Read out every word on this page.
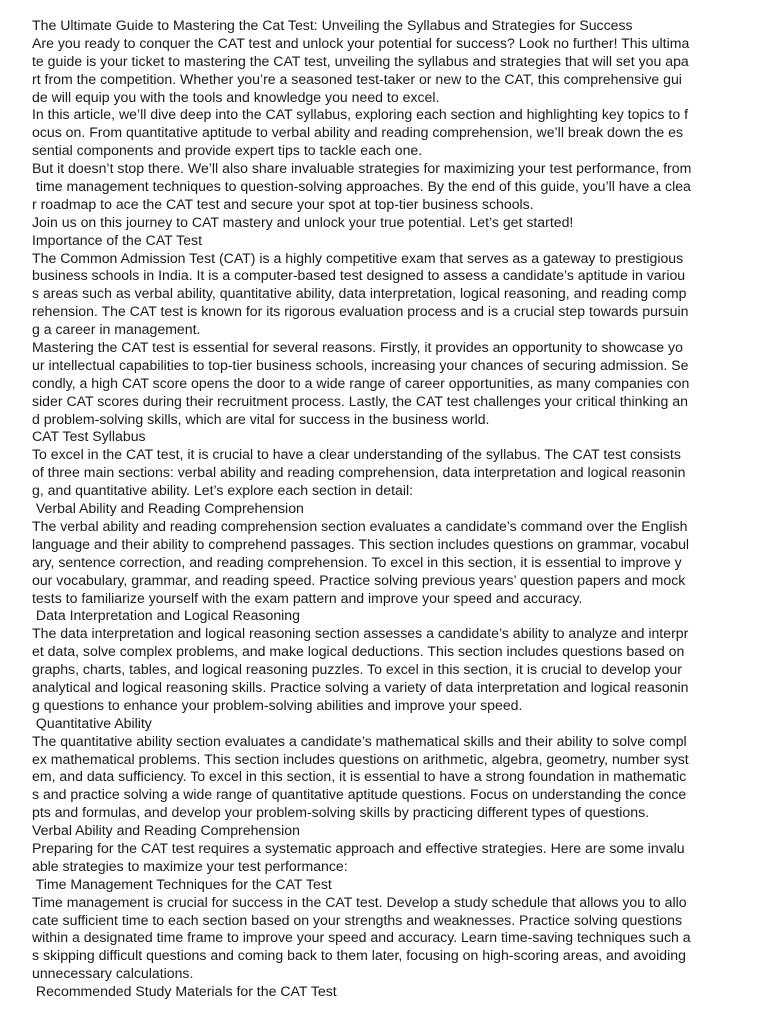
The Ultimate Guide to Mastering the Cat Test: Unveiling the Syllabus and Strategies for Success
Are you ready to conquer the CAT test and unlock your potential for success? Look no further! This ultima
te guide is your ticket to mastering the CAT test, unveiling the syllabus and strategies that will set you apa
rt from the competition. Whether you’re a seasoned test-taker or new to the CAT, this comprehensive gui
de will equip you with the tools and knowledge you need to excel.
In this article, we’ll dive deep into the CAT syllabus, exploring each section and highlighting key topics to f
ocus on. From quantitative aptitude to verbal ability and reading comprehension, we’ll break down the es
sential components and provide expert tips to tackle each one.
But it doesn’t stop there. We’ll also share invaluable strategies for maximizing your test performance, from
time management techniques to question-solving approaches. By the end of this guide, you’ll have a clea
r roadmap to ace the CAT test and secure your spot at top-tier business schools.
Join us on this journey to CAT mastery and unlock your true potential. Let’s get started!
Importance of the CAT Test
The Common Admission Test (CAT) is a highly competitive exam that serves as a gateway to prestigious
business schools in India. It is a computer-based test designed to assess a candidate’s aptitude in variou
s areas such as verbal ability, quantitative ability, data interpretation, logical reasoning, and reading comp
rehension. The CAT test is known for its rigorous evaluation process and is a crucial step towards pursuin
g a career in management.
Mastering the CAT test is essential for several reasons. Firstly, it provides an opportunity to showcase yo
ur intellectual capabilities to top-tier business schools, increasing your chances of securing admission. Se
condly, a high CAT score opens the door to a wide range of career opportunities, as many companies con
sider CAT scores during their recruitment process. Lastly, the CAT test challenges your critical thinking an
d problem-solving skills, which are vital for success in the business world.
CAT Test Syllabus
To excel in the CAT test, it is crucial to have a clear understanding of the syllabus. The CAT test consists
of three main sections: verbal ability and reading comprehension, data interpretation and logical reasonin
g, and quantitative ability. Let’s explore each section in detail:
Verbal Ability and Reading Comprehension
The verbal ability and reading comprehension section evaluates a candidate’s command over the English
language and their ability to comprehend passages. This section includes questions on grammar, vocabul
ary, sentence correction, and reading comprehension. To excel in this section, it is essential to improve y
our vocabulary, grammar, and reading speed. Practice solving previous years’ question papers and mock
tests to familiarize yourself with the exam pattern and improve your speed and accuracy.
Data Interpretation and Logical Reasoning
The data interpretation and logical reasoning section assesses a candidate’s ability to analyze and interpr
et data, solve complex problems, and make logical deductions. This section includes questions based on
graphs, charts, tables, and logical reasoning puzzles. To excel in this section, it is crucial to develop your
analytical and logical reasoning skills. Practice solving a variety of data interpretation and logical reasonin
g questions to enhance your problem-solving abilities and improve your speed.
Quantitative Ability
The quantitative ability section evaluates a candidate’s mathematical skills and their ability to solve compl
ex mathematical problems. This section includes questions on arithmetic, algebra, geometry, number syst
em, and data sufficiency. To excel in this section, it is essential to have a strong foundation in mathematic
s and practice solving a wide range of quantitative aptitude questions. Focus on understanding the conce
pts and formulas, and develop your problem-solving skills by practicing different types of questions.
Verbal Ability and Reading Comprehension
Preparing for the CAT test requires a systematic approach and effective strategies. Here are some invalu
able strategies to maximize your test performance:
Time Management Techniques for the CAT Test
Time management is crucial for success in the CAT test. Develop a study schedule that allows you to allo
cate sufficient time to each section based on your strengths and weaknesses. Practice solving questions
within a designated time frame to improve your speed and accuracy. Learn time-saving techniques such a
s skipping difficult questions and coming back to them later, focusing on high-scoring areas, and avoiding
unnecessary calculations.
Recommended Study Materials for the CAT Test
